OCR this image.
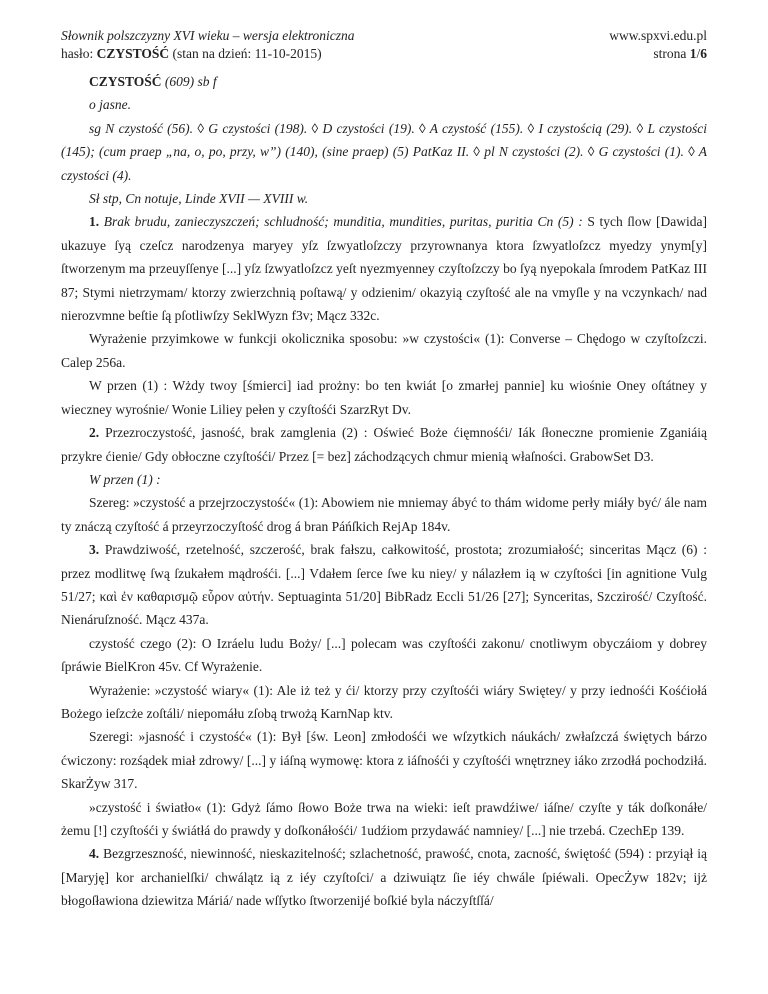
Słownik polszczyzny XVI wieku – wersja elektroniczna
hasło: CZYSTOŚĆ (stan na dzień: 11-10-2015)
www.spxvi.edu.pl
strona 1/6

CZYSTOŚĆ (609) sb f

o jasne.

sg N czystość (56). ◊ G czystości (198). ◊ D czystości (19). ◊ A czystość (155). ◊ I czystością (29). ◊ L czystości (145); (cum praep „na, o, po, przy, w”) (140), (sine praep) (5) PatKaz II. ◊ pl N czystości (2). ◊ G czystości (1). ◊ A czystości (4).

Sł stp, Cn notuje, Linde XVII — XVIII w.

1. Brak brudu, zanieczyszczeń; schludność; munditia, mundities, puritas, puritia Cn (5) : S tych ſlow [Dawida] ukazuye ſyą czeſcz narodzenya maryey yſz ſzwyatloſzczy przyrownanya ktora ſzwyatloſzcz myedzy ynym[y] ſtworzenym ma przeuyſſenye [...] yſz ſzwyatloſzcz yeſt nyezmyenney czyſtoſzczy bo ſyą nyepokala ſmrodem PatKaz III 87; Stymi nietrzymam/ ktorzy zwierzchnią poſtawą/ y odzienim/ okazyią czyſtość ale na vmyſle y na vczynkach/ nad nierozvmne beſtie ſą pſotliwſzy SeklWyzn f3v; Mącz 332c.

Wyrażenie przyimkowe w funkcji okolicznika sposobu: »w czystości« (1): Converse – Chędogo w czyſtoſzczi. Calep 256a.

W przen (1) : Wżdy twoy [śmierci] iad prożny: bo ten kwiát [o zmarłej pannie] ku wiośnie Oney oſtátney y wieczney wyrośnie/ Wonie Liliey pełen y czyſtośći SzarzRyt Dv.

2. Przezroczystość, jasność, brak zamglenia (2) : Oświeć Boże ćięmnośći/ Iák ſłoneczne promienie Zganiáią przykre ćienie/ Gdy obłoczne czyſtośći/ Przez [= bez] záchodzących chmur mienią właſności. GrabowSet D3.

W przen (1) :

Szereg: »czystość a przejrzoczystość« (1): Abowiem nie mniemay ábyć to thám widome perły miáły być/ ále nam ty znáczą czyſtość á przeyrzoczyſtość drog á bran Páńſkich RejAp 184v.

3. Prawdziwość, rzetelność, szczerość, brak fałszu, całkowitość, prostota; zrozumiałość; sinceritas Mącz (6) : przez modlitwę ſwą ſzukałem mądrośći. [...] Vdałem ſerce ſwe ku niey/ y nálazłem ią w czyſtości [in agnitione Vulg 51/27; καὶ ἐν καθαρισμῷ εὗρον αὐτήν. Septuaginta 51/20] BibRadz Eccli 51/26 [27]; Synceritas, Szczirość/ Czyſtość. Nienáruſzność. Mącz 437a.

czystość czego (2): O Izráelu ludu Boży/ [...] polecam was czyſtośći zakonu/ cnotliwym obyczáiom y dobrey ſpráwie BielKron 45v. Cf Wyrażenie.

Wyrażenie: »czystość wiary« (1): Ale iż też y ći/ ktorzy przy czyſtośći wiáry Swiętey/ y przy iednośći Kośćiołá Bożego ieſzcże zoſtáli/ niepomáłu zſobą trwożą KarnNap ktv.

Szeregi: »jasność i czystość« (1): Był [św. Leon] zmłodośći we wſzytkich náukách/ zwłaſzczá świętych bárzo ćwiczony: rozśądek miał zdrowy/ [...] y iáſną wymowę: ktora z iáſnośći y czyſtośći wnętrzney iáko zrzodłá pochodziłá. SkarŻyw 317.

»czystość i światło« (1): Gdyż ſámo ſłowo Boże trwa na wieki: ieſt prawdźiwe/ iáſne/ czyſte y ták doſkonáłe/ żemu [!] czyſtośći y świátłá do prawdy y doſkonáłośći/ 1udźiom przydawáć namniey/ [...] nie trzebá. CzechEp 139.

4. Bezgrzeszność, niewinność, nieskazitelność; szlachetność, prawość, cnota, zacność, świętość (594) : przyiął ią [Maryję] kor archanielſki/ chwálątz ią z iéy czyſtoſci/ a dziwuiątz ſie iéy chwále ſpiéwali. OpecŻyw 182v; ijż błogoſławiona dziewitza Máriá/ nade wſſytko ſtworzenijé boſkié byla náczyſtſſá/
